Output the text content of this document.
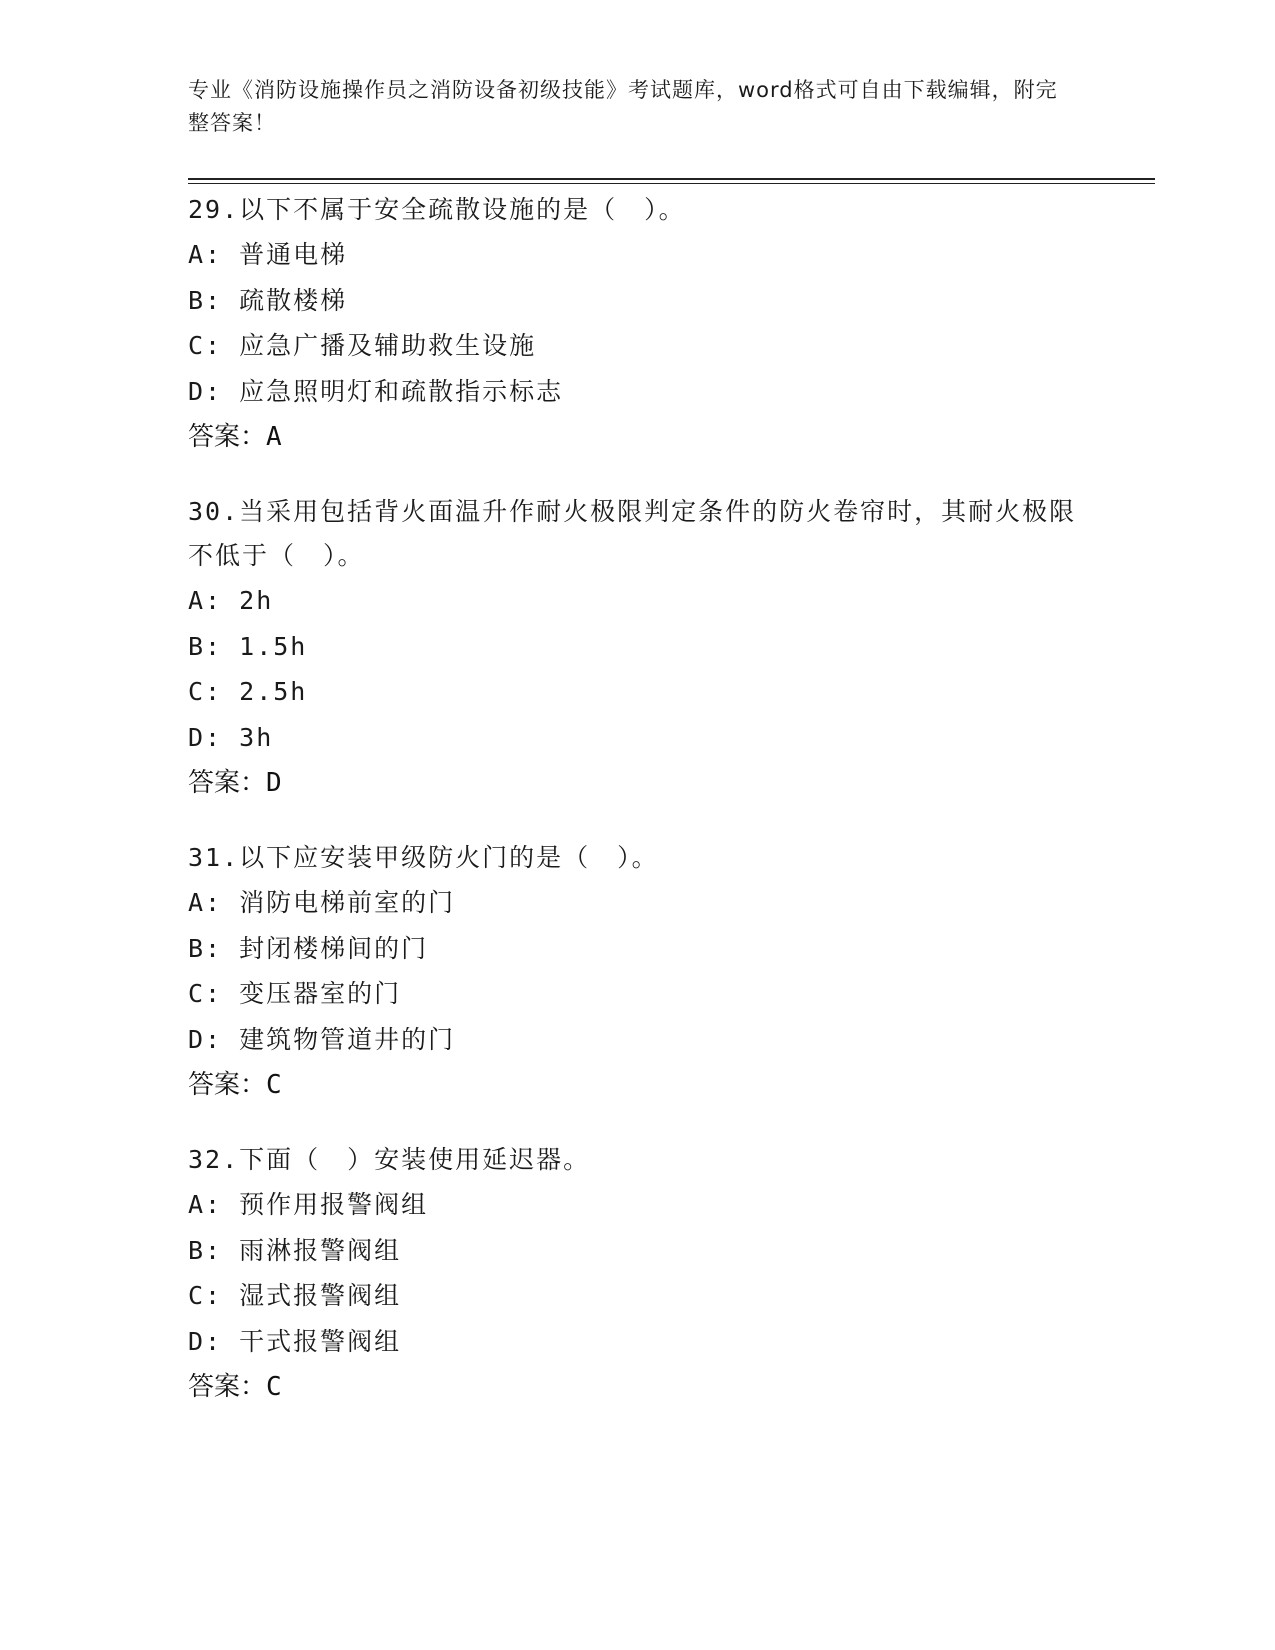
专业《消防设施操作员之消防设备初级技能》考试题库，word格式可自由下载编辑，附完整答案！

29.以下不属于安全疏散设施的是（　）。

A: 普通电梯

B: 疏散楼梯

C: 应急广播及辅助救生设施

D: 应急照明灯和疏散指示标志

答案：A

30.当采用包括背火面温升作耐火极限判定条件的防火卷帘时，其耐火极限不低于（　）。

A: 2h

B: 1.5h

C: 2.5h

D: 3h

答案：D

31.以下应安装甲级防火门的是（　）。

A: 消防电梯前室的门

B: 封闭楼梯间的门

C: 变压器室的门

D: 建筑物管道井的门

答案：C

32.下面（　）安装使用延迟器。

A: 预作用报警阀组

B: 雨淋报警阀组

C: 湿式报警阀组

D: 干式报警阀组

答案：C
